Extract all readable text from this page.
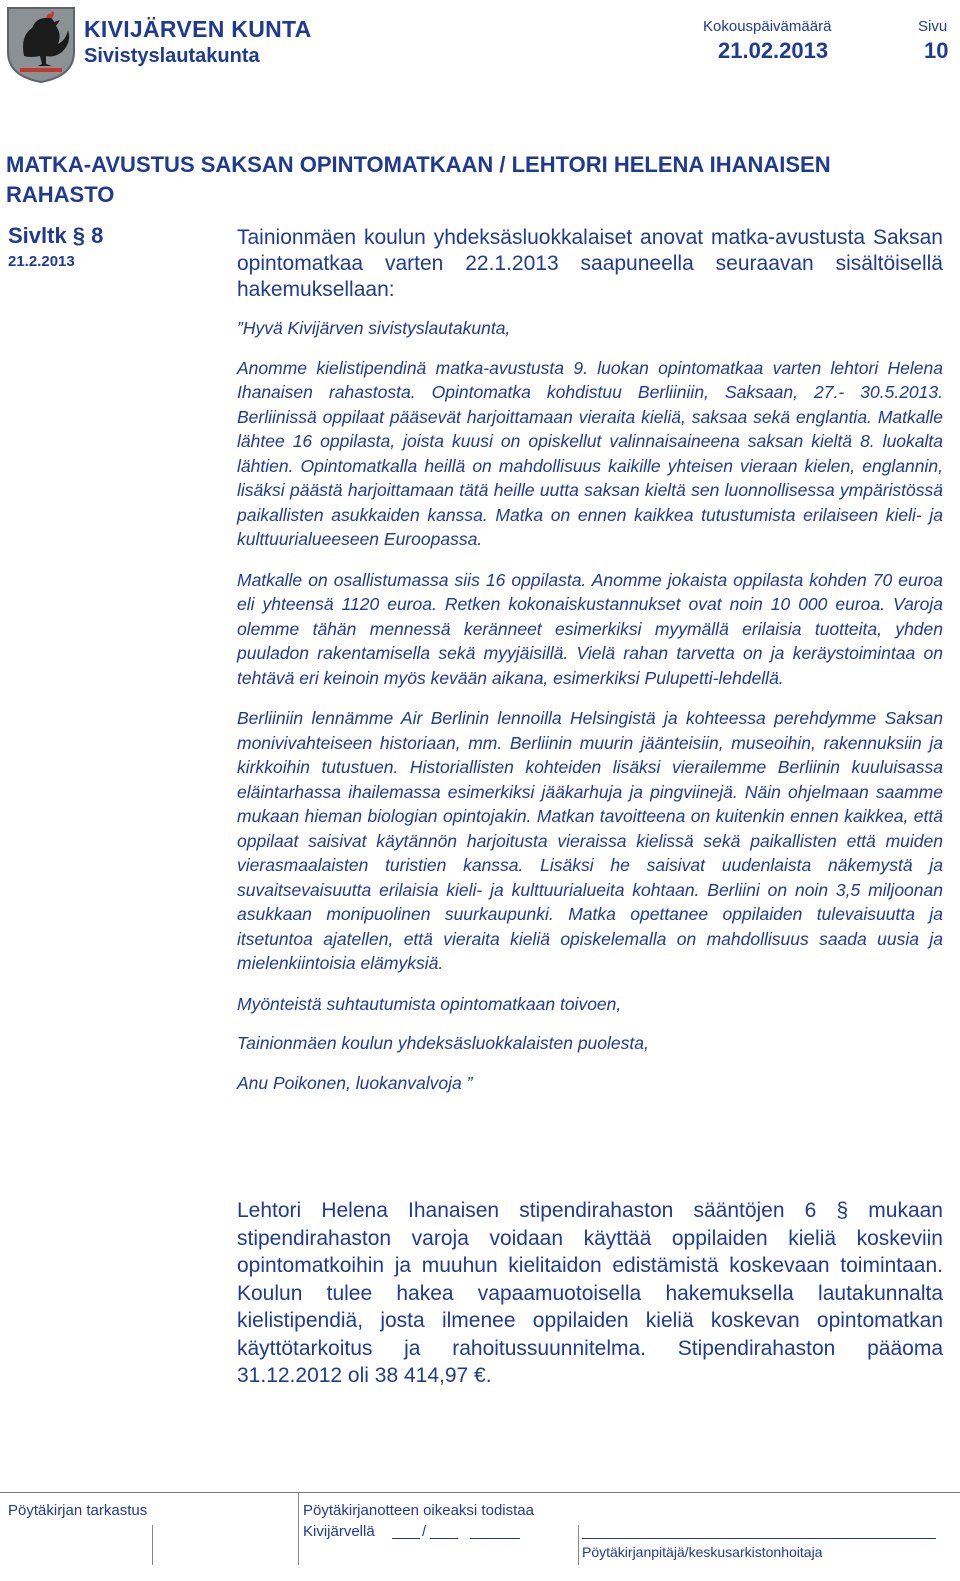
KIVIJÄRVEN KUNTA
Sivistyslautakunta
Kokouspäivämäärä
21.02.2013
Sivu
10
MATKA-AVUSTUS SAKSAN OPINTOMATKAAN / LEHTORI HELENA IHANAISEN RAHASTO
Sivltk § 8
21.2.2013
Tainionmäen koulun yhdeksäsluokkalaiset anovat matka-avustusta Saksan opintomatkaa varten 22.1.2013 saapuneella seuraavan sisältöisellä hakemuksellaan:

”Hyvä Kivijärven sivistyslautakunta,

Anomme kielistipendinä matka-avustusta 9. luokan opintomatkaa varten lehtori Helena Ihanaisen rahastosta. Opintomatka kohdistuu Berliiniin, Saksaan, 27.- 30.5.2013. Berliinissä oppilaat pääsevät harjoittamaan vieraita kieliä, saksaa sekä englantia. Matkalle lähtee 16 oppilasta, joista kuusi on opiskellut valinnaisaineena saksan kieltä 8. luokalta lähtien. Opintomatkalla heillä on mahdollisuus kaikille yhteisen vieraan kielen, englannin, lisäksi päästä harjoittamaan tätä heille uutta saksan kieltä sen luonnollisessa ympäristössä paikallisten asukkaiden kanssa. Matka on ennen kaikkea tutustumista erilaiseen kieli- ja kulttuurialueeseen Euroopassa.

Matkalle on osallistumassa siis 16 oppilasta. Anomme jokaista oppilasta kohden 70 euroa eli yhteensä 1120 euroa. Retken kokonaiskustannukset ovat noin 10 000 euroa. Varoja olemme tähän mennessä keränneet esimerkiksi myymällä erilaisia tuotteita, yhden puuladon rakentamisella sekä myyjäisillä. Vielä rahan tarvetta on ja keräystoimintaa on tehtävä eri keinoin myös kevään aikana, esimerkiksi Pulupetti-lehdellä.

Berliiniin lennämme Air Berlinin lennoilla Helsingistä ja kohteessa perehdymme Saksan monivivahteiseen historiaan, mm. Berliinin muurin jäänteisiin, museoihin, rakennuksiin ja kirkkoihin tutustuen. Historiallisten kohteiden lisäksi vierailemme Berliinin kuuluisassa eläintarhassa ihailemassa esimerkiksi jääkarhuja ja pingviinejä. Näin ohjelmaan saamme mukaan hieman biologian opintojakin. Matkan tavoitteena on kuitenkin ennen kaikkea, että oppilaat saisivat käytännön harjoitusta vieraissa kielissä sekä paikallisten että muiden vierasmaalaisten turistien kanssa. Lisäksi he saisivat uudenlaista näkemystä ja suvaitsevaisuutta erilaisia kieli- ja kulttuurialueita kohtaan. Berliini on noin 3,5 miljoonan asukkaan monipuolinen suurkaupunki. Matka opettanee oppilaiden tulevaisuutta ja itsetuntoa ajatellen, että vieraita kieliä opiskelemalla on mahdollisuus saada uusia ja mielenkiintoisia elämyksiä.

Myönteistä suhtautumista opintomatkaan toivoen,

Tainionmäen koulun yhdeksäsluokkalaisten puolesta,

Anu Poikonen, luokanvalvoja ”

Lehtori Helena Ihanaisen stipendirahaston sääntöjen 6 § mukaan stipendirahaston varoja voidaan käyttää oppilaiden kieliä koskeviin opintomatkoihin ja muuhun kielitaidon edistämistä koskevaan toimintaan. Koulun tulee hakea vapaamuotoisella hakemuksella lautakunnalta kielistipendiä, josta ilmenee oppilaiden kieliä koskevan opintomatkan käyttötarkoitus ja rahoitussuunnitelma. Stipendirahaston pääoma 31.12.2012 oli 38 414,97 €.
Pöytäkirjan tarkastus	Pöytäkirjanotteen oikeaksi todistaa
Kivijärvellä	/
Pöytäkirjanpitäjä/keskusarkistonhoitaja
